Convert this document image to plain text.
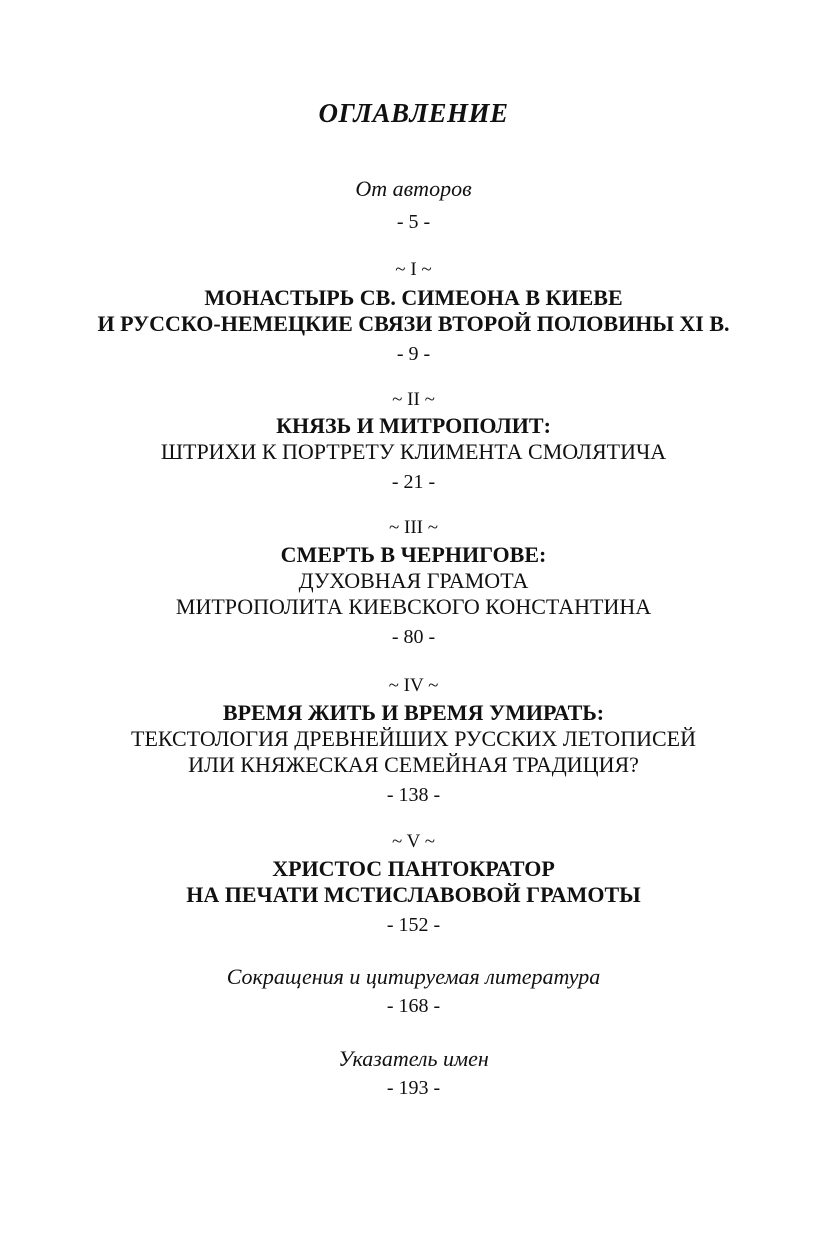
ОГЛАВЛЕНИЕ
От авторов
- 5 -
~ I ~
МОНАСТЫРЬ СВ. СИМЕОНА В КИЕВЕ
И РУССКО-НЕМЕЦКИЕ СВЯЗИ ВТОРОЙ ПОЛОВИНЫ XI В.
- 9 -
~ II ~
КНЯЗЬ И МИТРОПОЛИТ:
ШТРИХИ К ПОРТРЕТУ КЛИМЕНТА СМОЛЯТИЧА
- 21 -
~ III ~
СМЕРТЬ В ЧЕРНИГОВЕ:
ДУХОВНАЯ ГРАМОТА
МИТРОПОЛИТА КИЕВСКОГО КОНСТАНТИНА
- 80 -
~ IV ~
ВРЕМЯ ЖИТЬ И ВРЕМЯ УМИРАТЬ:
ТЕКСТОЛОГИЯ ДРЕВНЕЙШИХ РУССКИХ ЛЕТОПИСЕЙ
ИЛИ КНЯЖЕСКАЯ СЕМЕЙНАЯ ТРАДИЦИЯ?
- 138 -
~ V ~
ХРИСТОС ПАНТОКРАТОР
НА ПЕЧАТИ МСТИСЛАВОВОЙ ГРАМОТЫ
- 152 -
Сокращения и цитируемая литература
- 168 -
Указатель имен
- 193 -
